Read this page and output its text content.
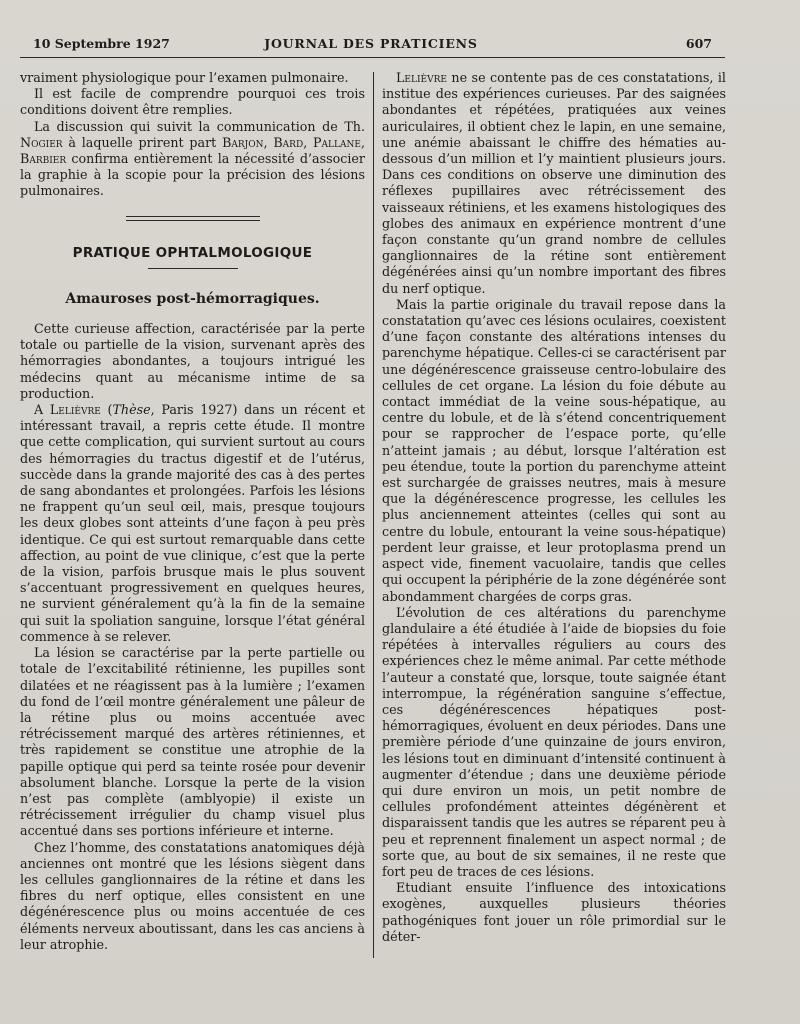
10 Septembre 1927	JOURNAL DES PRATICIENS	607

vraiment physiologique pour l’examen pulmonaire.

Il est facile de comprendre pourquoi ces trois conditions doivent être remplies.

La discussion qui suivit la communication de Th. Nogier à laquelle prirent part Barjon, Bard, Pallane, Barbier confirma entièrement la nécessité d’associer la graphie à la scopie pour la précision des lésions pulmonaires.

PRATIQUE OPHTALMOLOGIQUE
Amauroses post-hémorragiques.

Cette curieuse affection, caractérisée par la perte totale ou partielle de la vision, survenant après des hémorragies abondantes, a toujours intrigué les médecins quant au mécanisme intime de sa production.

A Lelièvre (Thèse, Paris 1927) dans un récent et intéressant travail, a repris cette étude. Il montre que cette complication, qui survient surtout au cours des hémorragies du tractus digestif et de l’utérus, succède dans la grande majorité des cas à des pertes de sang abondantes et prolongées. Parfois les lésions ne frappent qu’un seul œil, mais, presque toujours les deux globes sont atteints d’une façon à peu près identique. Ce qui est surtout remarquable dans cette affection, au point de vue clinique, c’est que la perte de la vision, parfois brusque mais le plus souvent s’accentuant progressivement en quelques heures, ne survient généralement qu’à la fin de la semaine qui suit la spoliation sanguine, lorsque l’état général commence à se relever.

La lésion se caractérise par la perte partielle ou totale de l’excitabilité rétinienne, les pupilles sont dilatées et ne réagissent pas à la lumière ; l’examen du fond de l’œil montre généralement une pâleur de la rétine plus ou moins accentuée avec rétrécissement marqué des artères rétiniennes, et très rapidement se constitue une atrophie de la papille optique qui perd sa teinte rosée pour devenir absolument blanche. Lorsque la perte de la vision n’est pas complète (amblyopie) il existe un rétrécissement irrégulier du champ visuel plus accentué dans ses portions inférieure et interne.

Chez l’homme, des constatations anatomiques déjà anciennes ont montré que les lésions siègent dans les cellules ganglionnaires de la rétine et dans les fibres du nerf optique, elles consistent en une dégénérescence plus ou moins accentuée de ces éléments nerveux aboutissant, dans les cas anciens à leur atrophie.

Lelièvre ne se contente pas de ces constatations, il institue des expériences curieuses. Par des saignées abondantes et répétées, pratiquées aux veines auriculaires, il obtient chez le lapin, en une semaine, une anémie abaissant le chiffre des hématies au-dessous d’un million et l’y maintient plusieurs jours. Dans ces conditions on observe une diminution des réflexes pupillaires avec rétrécissement des vaisseaux rétiniens, et les examens histologiques des globes des animaux en expérience montrent d’une façon constante qu’un grand nombre de cellules ganglionnaires de la rétine sont entièrement dégénérées ainsi qu’un nombre important des fibres du nerf optique.

Mais la partie originale du travail repose dans la constatation qu’avec ces lésions oculaires, coexistent d’une façon constante des altérations intenses du parenchyme hépatique. Celles-ci se caractérisent par une dégénérescence graisseuse centro-lobulaire des cellules de cet organe. La lésion du foie débute au contact immédiat de la veine sous-hépatique, au centre du lobule, et de là s’étend concentriquement pour se rapprocher de l’espace porte, qu’elle n’atteint jamais ; au début, lorsque l’altération est peu étendue, toute la portion du parenchyme atteint est surchargée de graisses neutres, mais à mesure que la dégénérescence progresse, les cellules les plus anciennement atteintes (celles qui sont au centre du lobule, entourant la veine sous-hépatique) perdent leur graisse, et leur protoplasma prend un aspect vide, finement vacuolaire, tandis que celles qui occupent la périphérie de la zone dégénérée sont abondamment chargées de corps gras.

L’évolution de ces altérations du parenchyme glandulaire a été étudiée à l’aide de biopsies du foie répétées à intervalles réguliers au cours des expériences chez le même animal. Par cette méthode l’auteur a constaté que, lorsque, toute saignée étant interrompue, la régénération sanguine s’effectue, ces dégénérescences hépatiques post-hémorragiques, évoluent en deux périodes. Dans une première période d’une quinzaine de jours environ, les lésions tout en diminuant d’intensité continuent à augmenter d’étendue ; dans une deuxième période qui dure environ un mois, un petit nombre de cellules profondément atteintes dégénèrent et disparaissent tandis que les autres se réparent peu à peu et reprennent finalement un aspect normal ; de sorte que, au bout de six semaines, il ne reste que fort peu de traces de ces lésions.

Etudiant ensuite l’influence des intoxications exogènes, auxquelles plusieurs théories pathogéniques font jouer un rôle primordial sur le déter-
